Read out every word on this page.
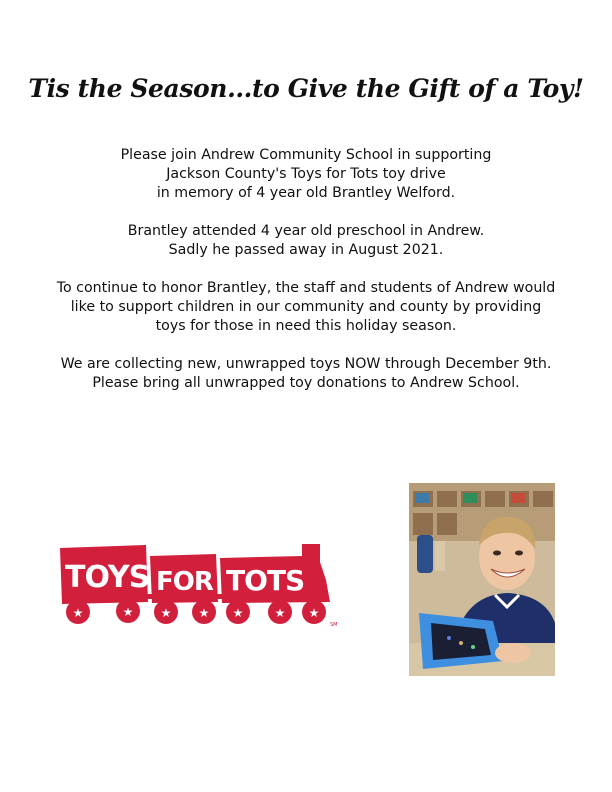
Tis the Season...to Give the Gift of a Toy!
Please join Andrew Community School in supporting
Jackson County's Toys for Tots toy drive
in memory of 4 year old Brantley Welford.
Brantley attended 4 year old preschool in Andrew.
Sadly he passed away in August 2021.
To continue to honor Brantley, the staff and students of Andrew would
like to support children in our community and county by providing
toys for those in need this holiday season.
We are collecting new, unwrapped toys NOW through December 9th.
Please bring all unwrapped toy donations to Andrew School.
TOYS FOR TOTS
★	★ ★ ★ ★	★ ★
SM
